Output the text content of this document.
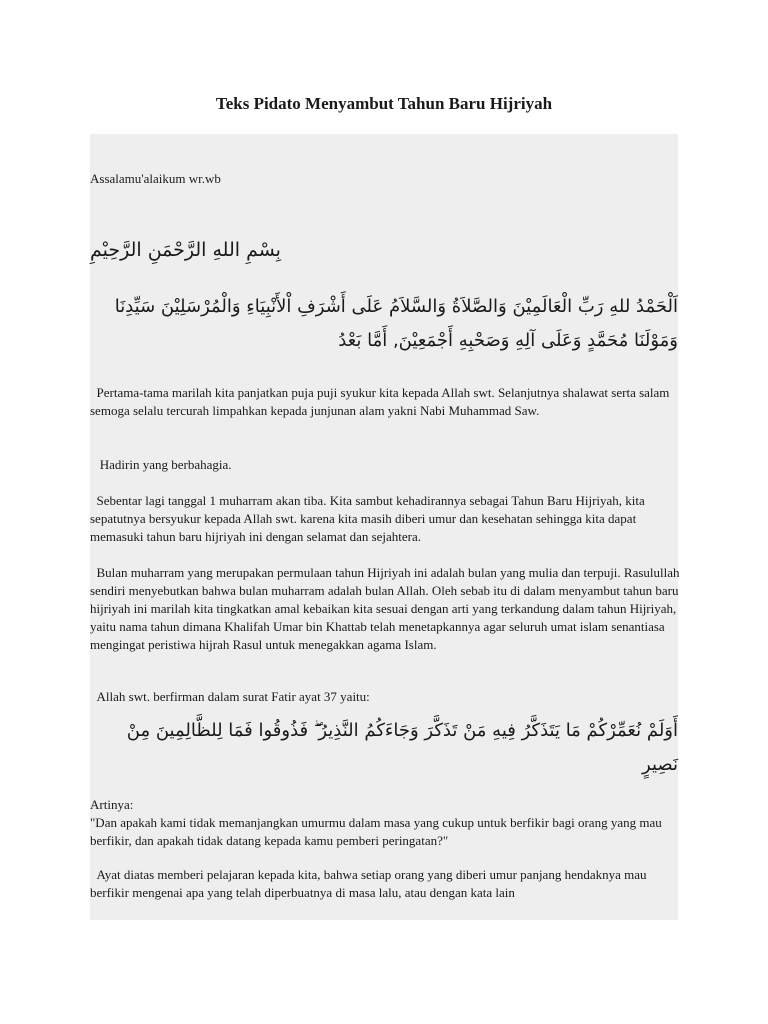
Teks Pidato Menyambut Tahun Baru Hijriyah

Assalamu'alaikum wr.wb

بِسْمِ اللهِ الرَّحْمَنِ الرَّحِيْمِ

اَلْحَمْدُ للهِ رَبِّ الْعَالَمِيْنَ وَالصَّلاَةُ وَالسَّلاَمُ عَلَى أَشْرَفِ اْلأَنْبِيَاءِ وَالْمُرْسَلِيْنَ سَيِّدِنَا وَمَوْلَنَا مُحَمَّدٍ وَعَلَى آلِهِ وَصَحْبِهِ أَجْمَعِيْنَ, أَمَّا بَعْدُ

Pertama-tama marilah kita panjatkan puja puji syukur kita kepada Allah swt. Selanjutnya shalawat serta salam semoga selalu tercurah limpahkan kepada junjunan alam yakni Nabi Muhammad Saw.

Hadirin yang berbahagia.

Sebentar lagi tanggal 1 muharram akan tiba. Kita sambut kehadirannya sebagai Tahun Baru Hijriyah, kita sepatutnya bersyukur kepada Allah swt. karena kita masih diberi umur dan kesehatan sehingga kita dapat memasuki tahun baru hijriyah ini dengan selamat dan sejahtera.

Bulan muharram yang merupakan permulaan tahun Hijriyah ini adalah bulan yang mulia dan terpuji. Rasulullah sendiri menyebutkan bahwa bulan muharram adalah bulan Allah. Oleh sebab itu di dalam menyambut tahun baru hijriyah ini marilah kita tingkatkan amal kebaikan kita sesuai dengan arti yang terkandung dalam tahun Hijriyah, yaitu nama tahun dimana Khalifah Umar bin Khattab telah menetapkannya agar seluruh umat islam senantiasa mengingat peristiwa hijrah Rasul untuk menegakkan agama Islam.

Allah swt. berfirman dalam surat Fatir ayat 37 yaitu:

أَوَلَمْ نُعَمِّرْكُمْ مَا يَتَذَكَّرُ فِيهِ مَنْ تَذَكَّرَ وَجَاءَكُمُ النَّذِيرُ ۖ فَذُوقُوا فَمَا لِلظَّالِمِينَ مِنْ نَصِيرٍ

Artinya:

"Dan apakah kami tidak memanjangkan umurmu dalam masa yang cukup untuk berfikir bagi orang yang mau berfikir, dan apakah tidak datang kepada kamu pemberi peringatan?"

Ayat diatas memberi pelajaran kepada kita, bahwa setiap orang yang diberi umur panjang hendaknya mau berfikir mengenai apa yang telah diperbuatnya di masa lalu, atau dengan kata lain
